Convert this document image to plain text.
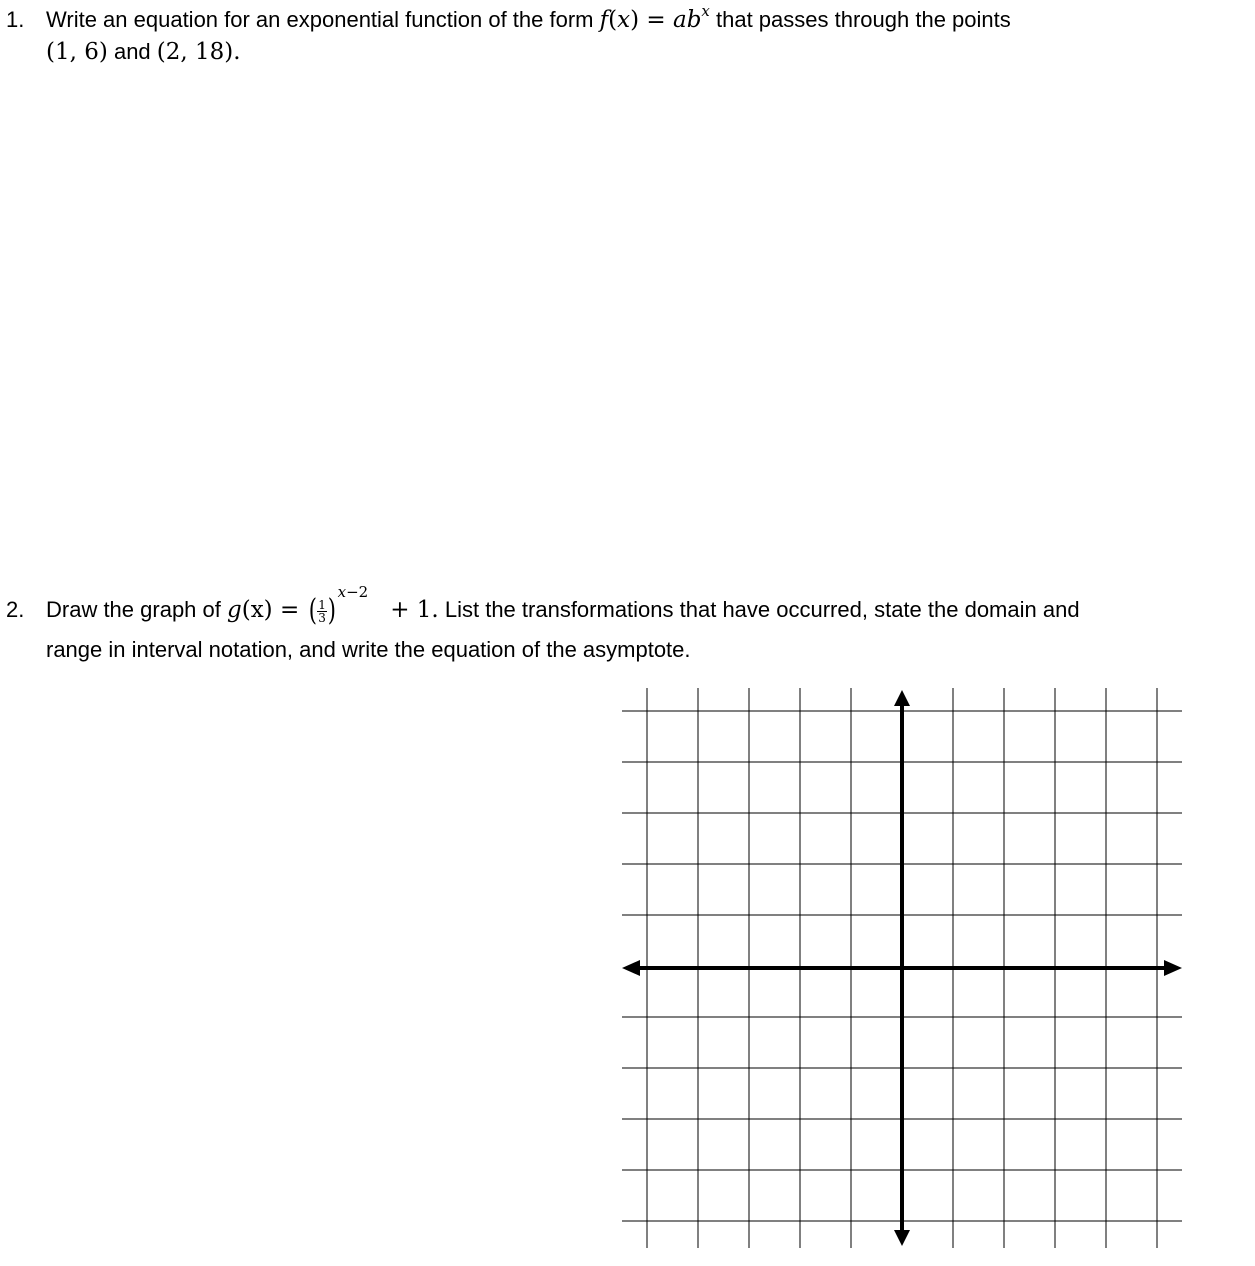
1. Write an equation for an exponential function of the form $f(x) = ab^x$ that passes through the points
(1, 6) and (2, 18).
2. Draw the graph of g(x) = ( $\frac{1}{3} )^{x-2}+ 1$. List the transformations that have occurred, state the domain and
range in interval notation, and write the equation of the asymptote.
